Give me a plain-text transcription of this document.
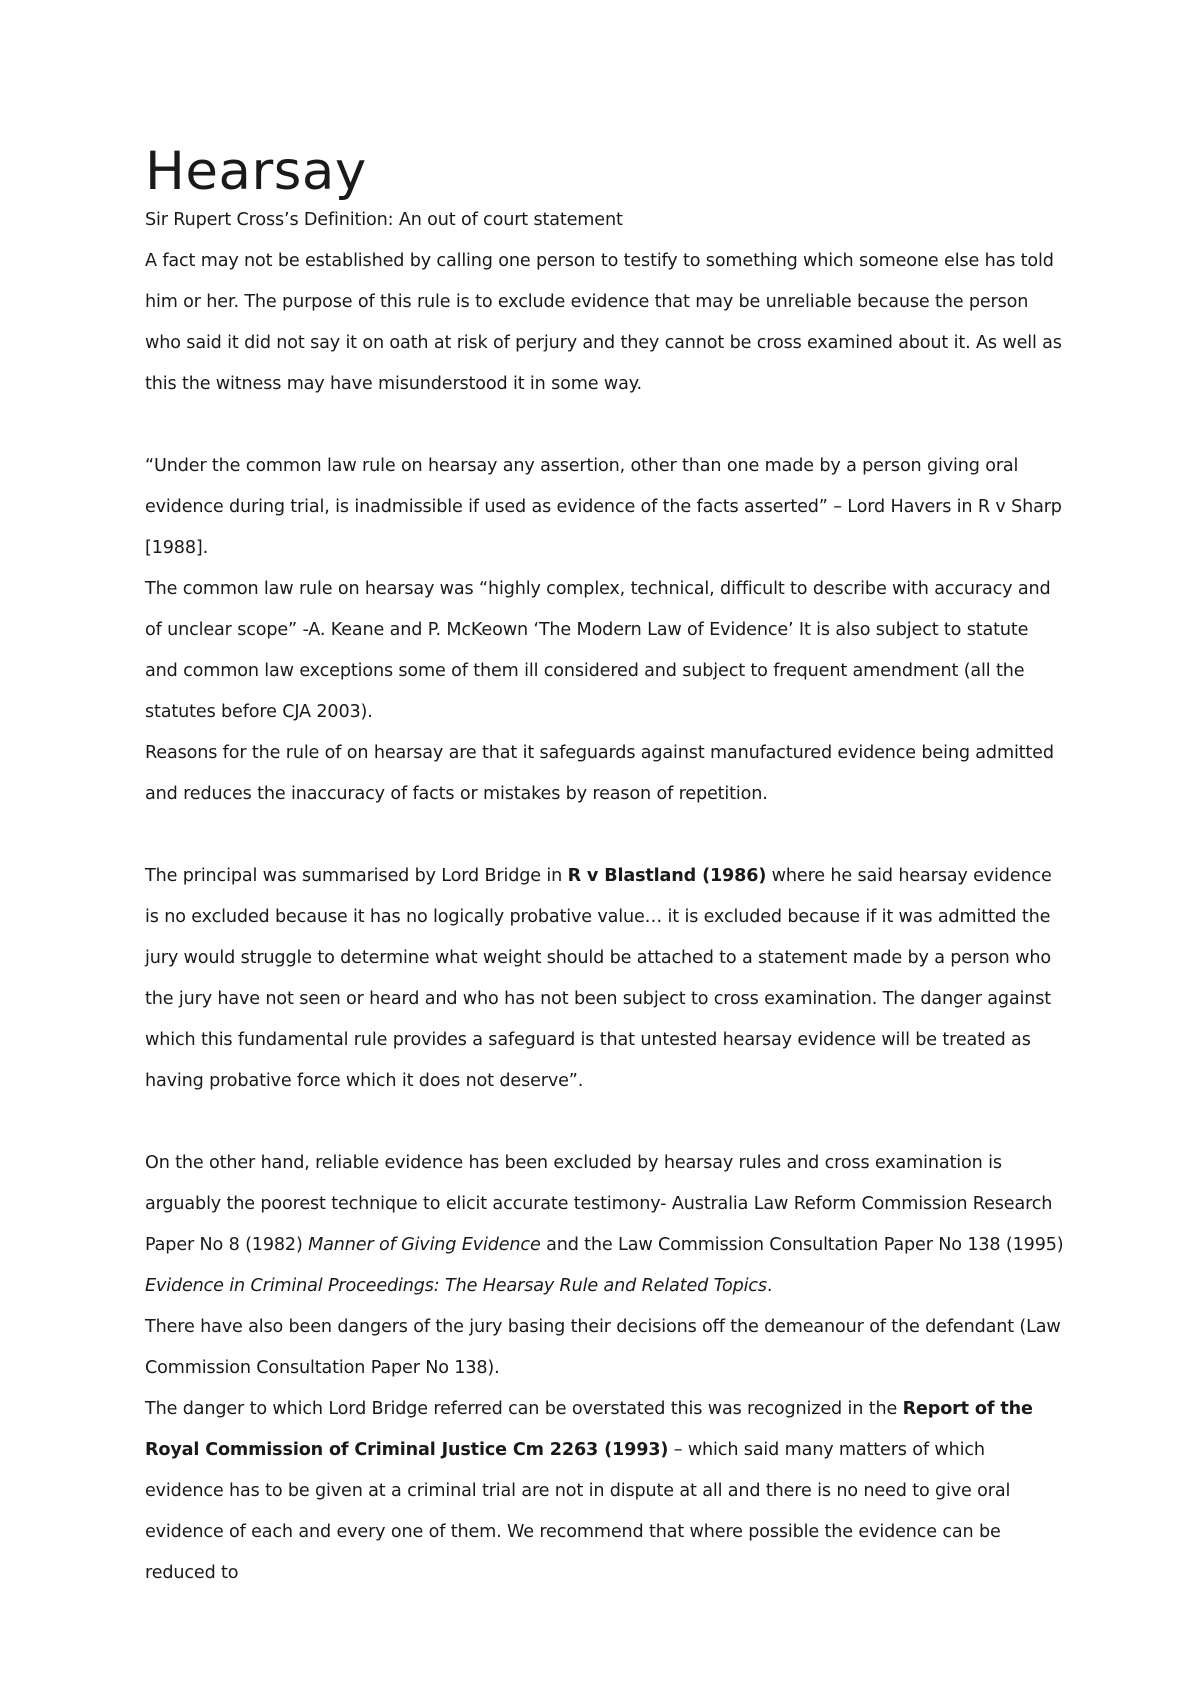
Hearsay

Sir Rupert Cross’s Definition: An out of court statement

A fact may not be established by calling one person to testify to something which someone else has told him or her. The purpose of this rule is to exclude evidence that may be unreliable because the person who said it did not say it on oath at risk of perjury and they cannot be cross examined about it. As well as this the witness may have misunderstood it in some way.

“Under the common law rule on hearsay any assertion, other than one made by a person giving oral evidence during trial, is inadmissible if used as evidence of the facts asserted” – Lord Havers in R v Sharp [1988].

The common law rule on hearsay was “highly complex, technical, difficult to describe with accuracy and of unclear scope” -A. Keane and P. McKeown ‘The Modern Law of Evidence’ It is also subject to statute and common law exceptions some of them ill considered and subject to frequent amendment (all the statutes before CJA 2003).

Reasons for the rule of on hearsay are that it safeguards against manufactured evidence being admitted and reduces the inaccuracy of facts or mistakes by reason of repetition.

The principal was summarised by Lord Bridge in R v Blastland (1986) where he said hearsay evidence is no excluded because it has no logically probative value… it is excluded because if it was admitted the jury would struggle to determine what weight should be attached to a statement made by a person who the jury have not seen or heard and who has not been subject to cross examination. The danger against which this fundamental rule provides a safeguard is that untested hearsay evidence will be treated as having probative force which it does not deserve”.

On the other hand, reliable evidence has been excluded by hearsay rules and cross examination is arguably the poorest technique to elicit accurate testimony- Australia Law Reform Commission Research Paper No 8 (1982) Manner of Giving Evidence and the Law Commission Consultation Paper No 138 (1995) Evidence in Criminal Proceedings: The Hearsay Rule and Related Topics.

There have also been dangers of the jury basing their decisions off the demeanour of the defendant (Law Commission Consultation Paper No 138).

The danger to which Lord Bridge referred can be overstated this was recognized in the Report of the Royal Commission of Criminal Justice Cm 2263 (1993) – which said many matters of which evidence has to be given at a criminal trial are not in dispute at all and there is no need to give oral evidence of each and every one of them. We recommend that where possible the evidence can be reduced to
